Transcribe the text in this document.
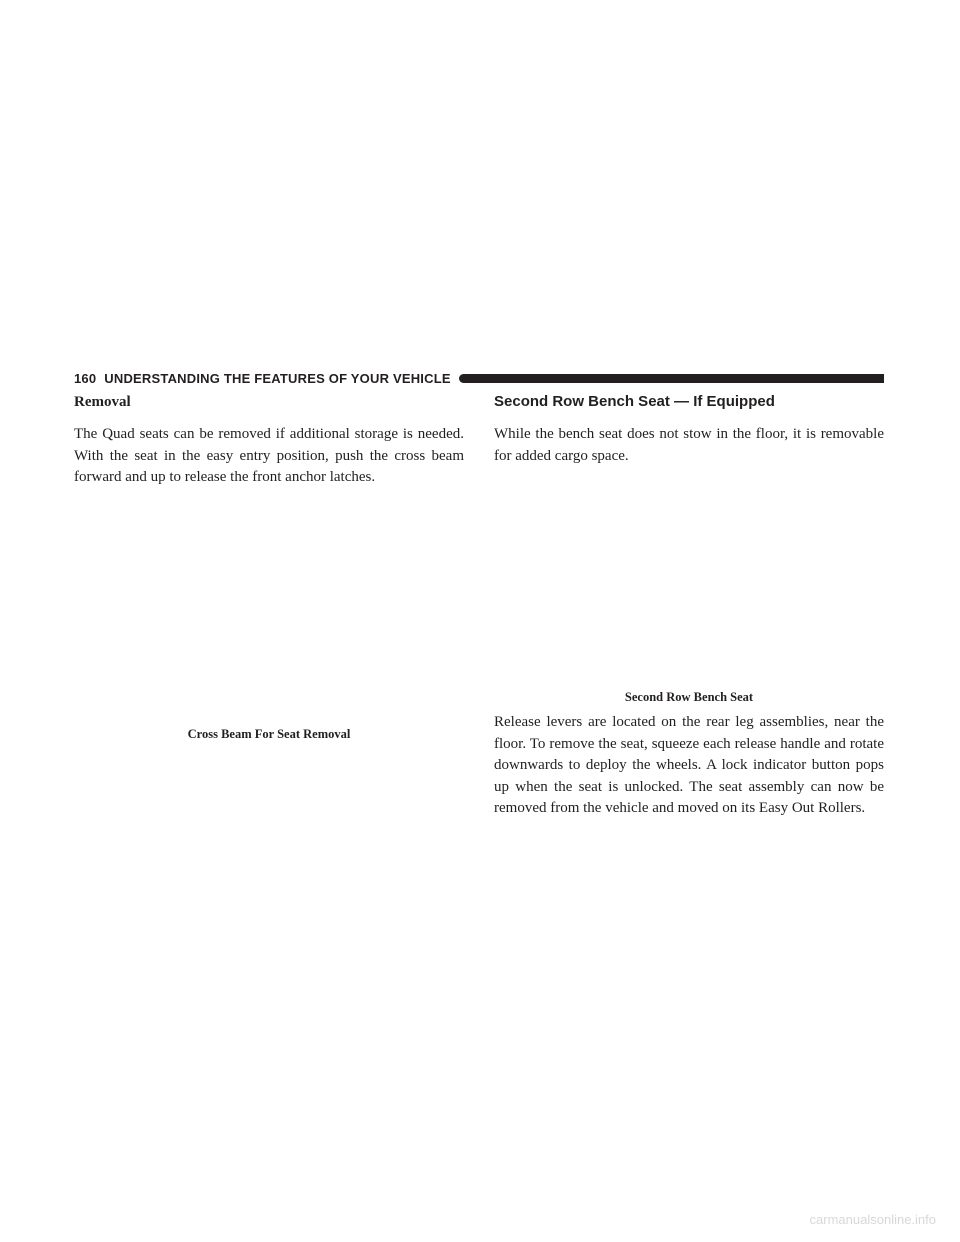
160 UNDERSTANDING THE FEATURES OF YOUR VEHICLE
Removal

The Quad seats can be removed if additional storage is needed. With the seat in the easy entry position, push the cross beam forward and up to release the front anchor latches.

Cross Beam For Seat Removal
Second Row Bench Seat — If Equipped

While the bench seat does not stow in the floor, it is removable for added cargo space.

Second Row Bench Seat

Release levers are located on the rear leg assemblies, near the floor. To remove the seat, squeeze each release handle and rotate downwards to deploy the wheels. A lock indicator button pops up when the seat is unlocked. The seat assembly can now be removed from the vehicle and moved on its Easy Out Rollers.

carmanualsonline.info
